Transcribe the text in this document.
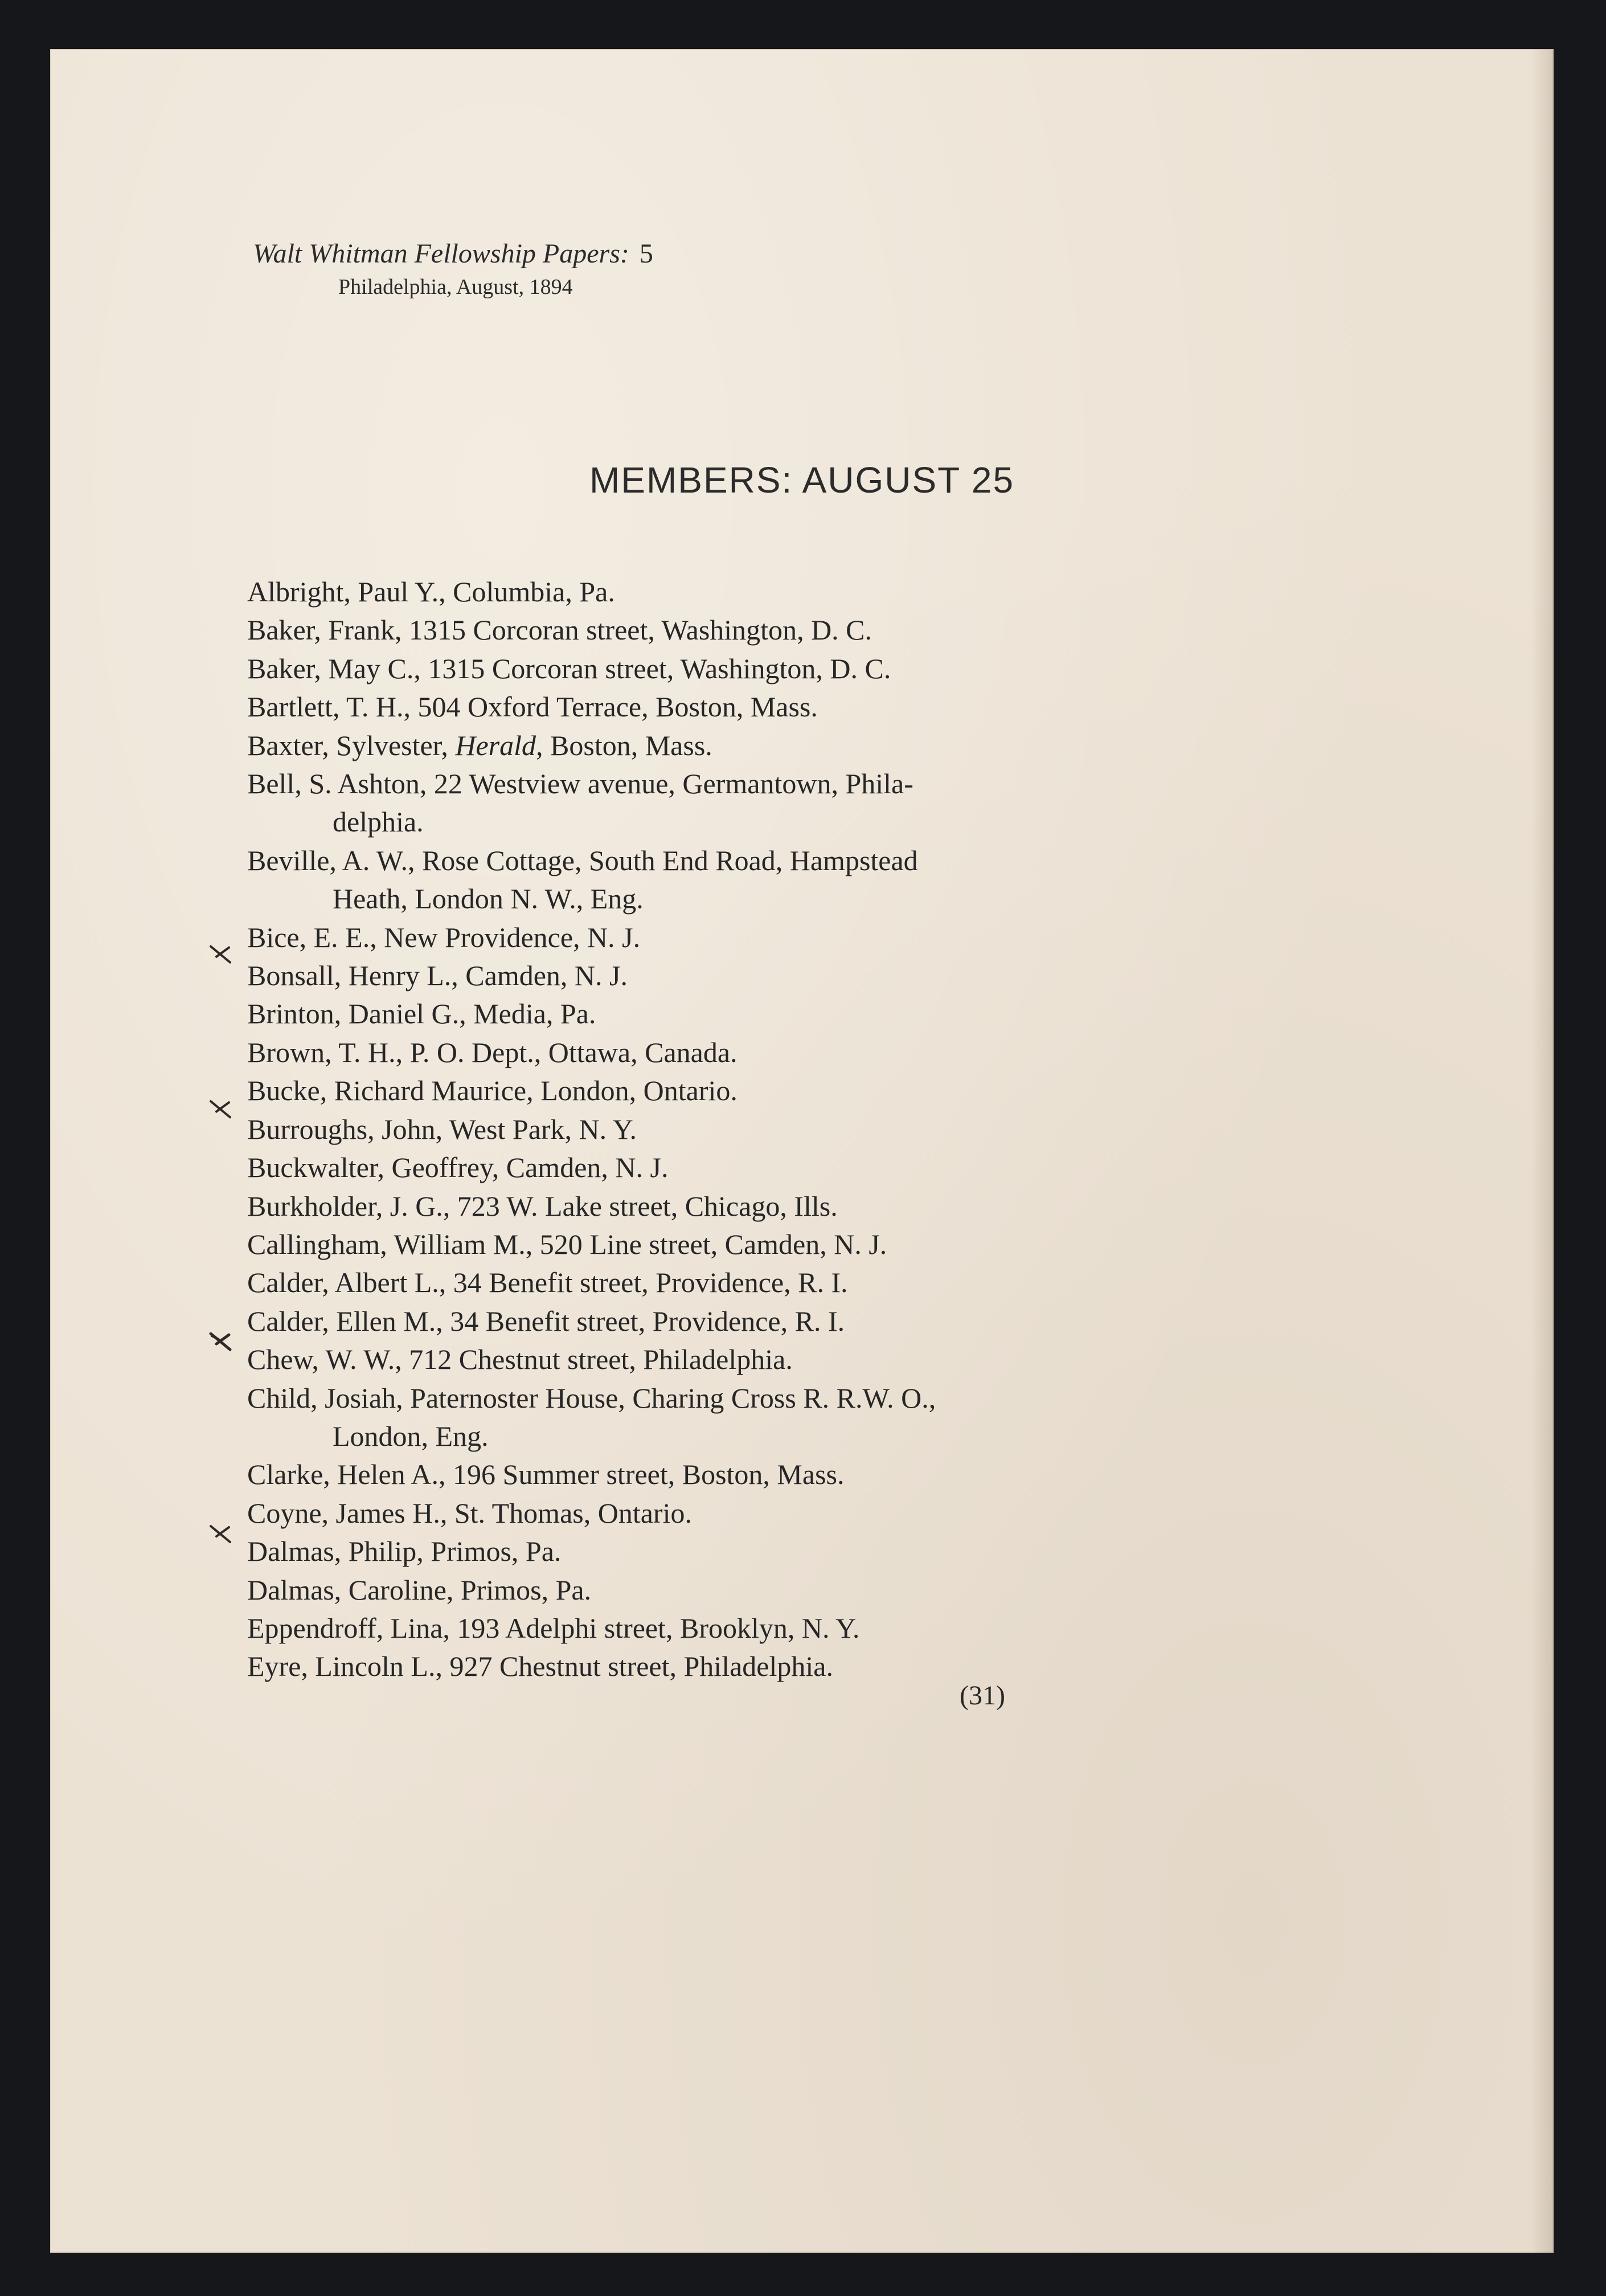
Walt Whitman Fellowship Papers: 5
Philadelphia, August, 1894
MEMBERS: AUGUST 25
Albright, Paul Y., Columbia, Pa.
Baker, Frank, 1315 Corcoran street, Washington, D. C.
Baker, May C., 1315 Corcoran street, Washington, D. C.
Bartlett, T. H., 504 Oxford Terrace, Boston, Mass.
Baxter, Sylvester, Herald, Boston, Mass.
Bell, S. Ashton, 22 Westview avenue, Germantown, Phila-
delphia.
Beville, A. W., Rose Cottage, South End Road, Hampstead
Heath, London N. W., Eng.
Bice, E. E., New Providence, N. J.
Bonsall, Henry L., Camden, N. J.
Brinton, Daniel G., Media, Pa.
Brown, T. H., P. O. Dept., Ottawa, Canada.
Bucke, Richard Maurice, London, Ontario.
Burroughs, John, West Park, N. Y.
Buckwalter, Geoffrey, Camden, N. J.
Burkholder, J. G., 723 W. Lake street, Chicago, Ills.
Callingham, William M., 520 Line street, Camden, N. J.
Calder, Albert L., 34 Benefit street, Providence, R. I.
Calder, Ellen M., 34 Benefit street, Providence, R. I.
Chew, W. W., 712 Chestnut street, Philadelphia.
Child, Josiah, Paternoster House, Charing Cross R. R.W. O.,
London, Eng.
Clarke, Helen A., 196 Summer street, Boston, Mass.
Coyne, James H., St. Thomas, Ontario.
Dalmas, Philip, Primos, Pa.
Dalmas, Caroline, Primos, Pa.
Eppendroff, Lina, 193 Adelphi street, Brooklyn, N. Y.
Eyre, Lincoln L., 927 Chestnut street, Philadelphia.
(31)
